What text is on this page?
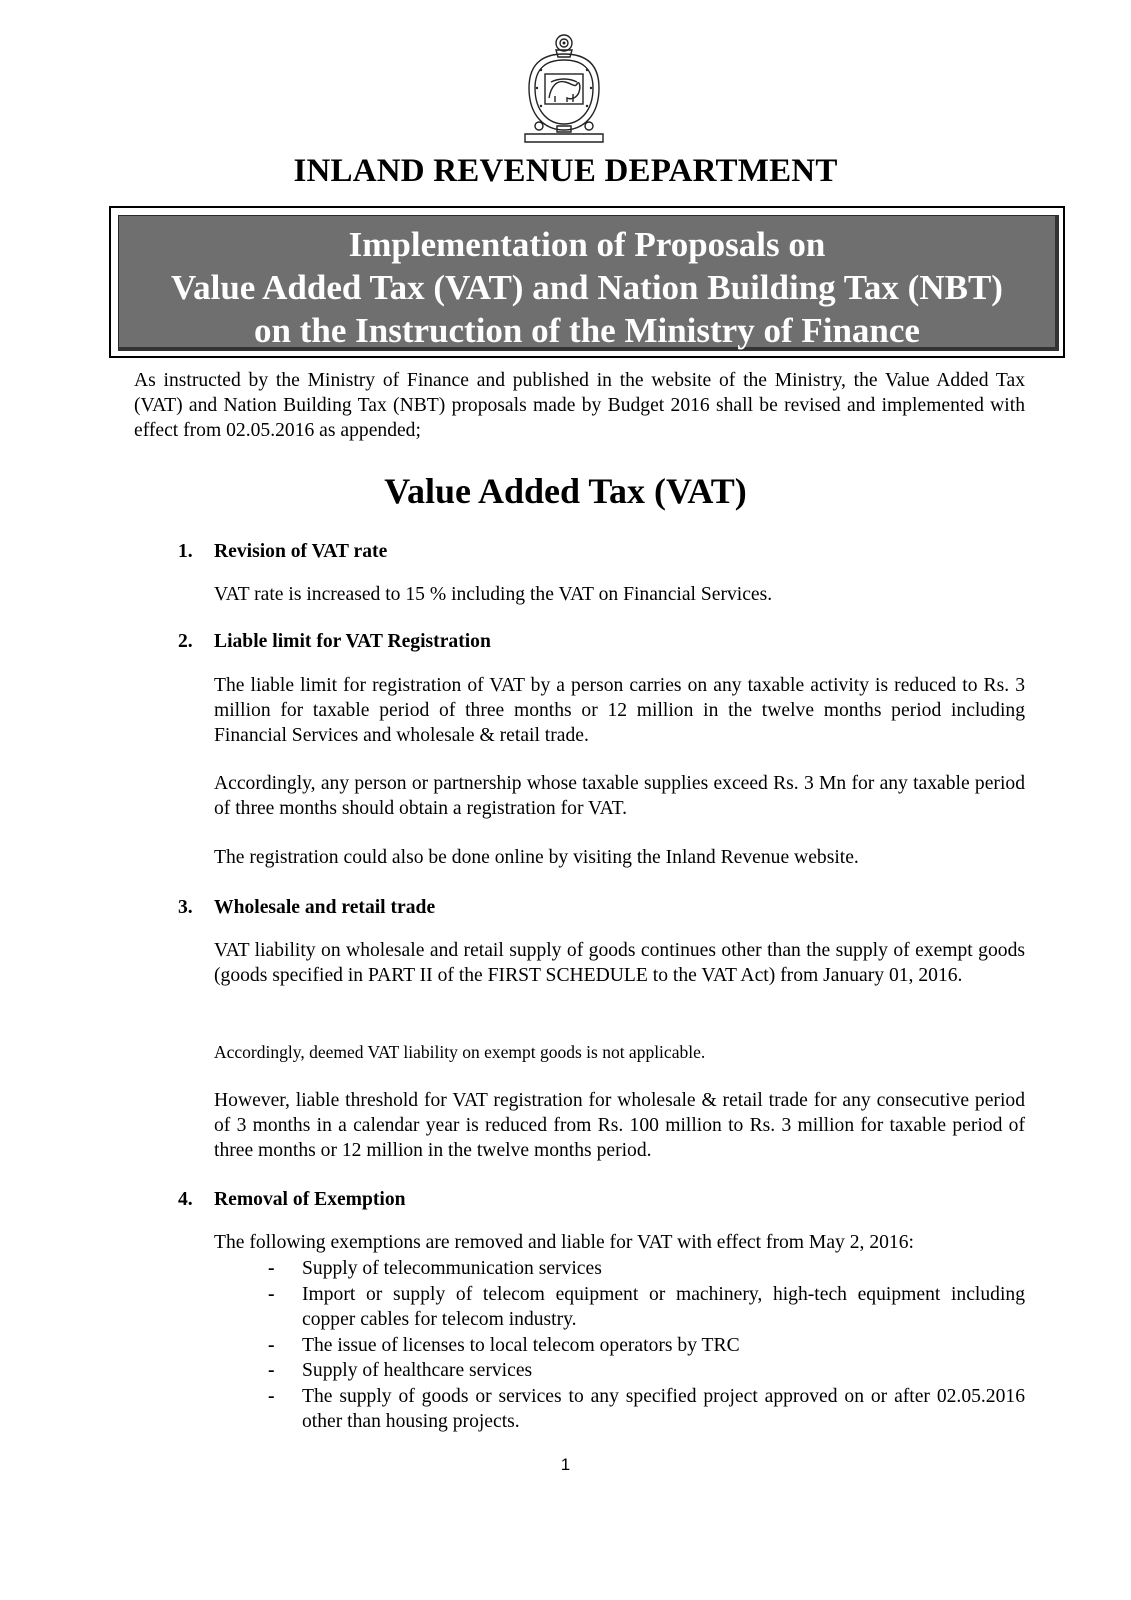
INLAND REVENUE DEPARTMENT
Implementation of Proposals on
Value Added Tax (VAT) and Nation Building Tax (NBT)
on the Instruction of the Ministry of Finance
As instructed by the Ministry of Finance and published in the website of the Ministry, the Value Added Tax (VAT) and Nation Building Tax (NBT) proposals made by Budget 2016 shall be revised and implemented with effect from 02.05.2016 as appended;
Value Added Tax (VAT)
1. Revision of VAT rate
VAT rate is increased to 15 % including the VAT on Financial Services.
2. Liable limit for VAT Registration
The liable limit for registration of VAT by a person carries on any taxable activity is reduced to Rs. 3 million for taxable period of three months or 12 million in the twelve months period including Financial Services and wholesale & retail trade.
Accordingly, any person or partnership whose taxable supplies exceed Rs. 3 Mn for any taxable period of three months should obtain a registration for VAT.
The registration could also be done online by visiting the Inland Revenue website.
3. Wholesale and retail trade
VAT liability on wholesale and retail supply of goods continues other than the supply of exempt goods (goods specified in PART II of the FIRST SCHEDULE to the VAT Act) from January 01, 2016.
Accordingly, deemed VAT liability on exempt goods is not applicable.
However, liable threshold for VAT registration for wholesale & retail trade for any consecutive period of 3 months in a calendar year is reduced from Rs. 100 million to Rs. 3 million for taxable period of three months or 12 million in the twelve months period.
4. Removal of Exemption
The following exemptions are removed and liable for VAT with effect from May 2, 2016:
- Supply of telecommunication services
- Import or supply of telecom equipment or machinery, high-tech equipment including copper cables for telecom industry.
- The issue of licenses to local telecom operators by TRC
- Supply of healthcare services
- The supply of goods or services to any specified project approved on or after 02.05.2016 other than housing projects.
1
